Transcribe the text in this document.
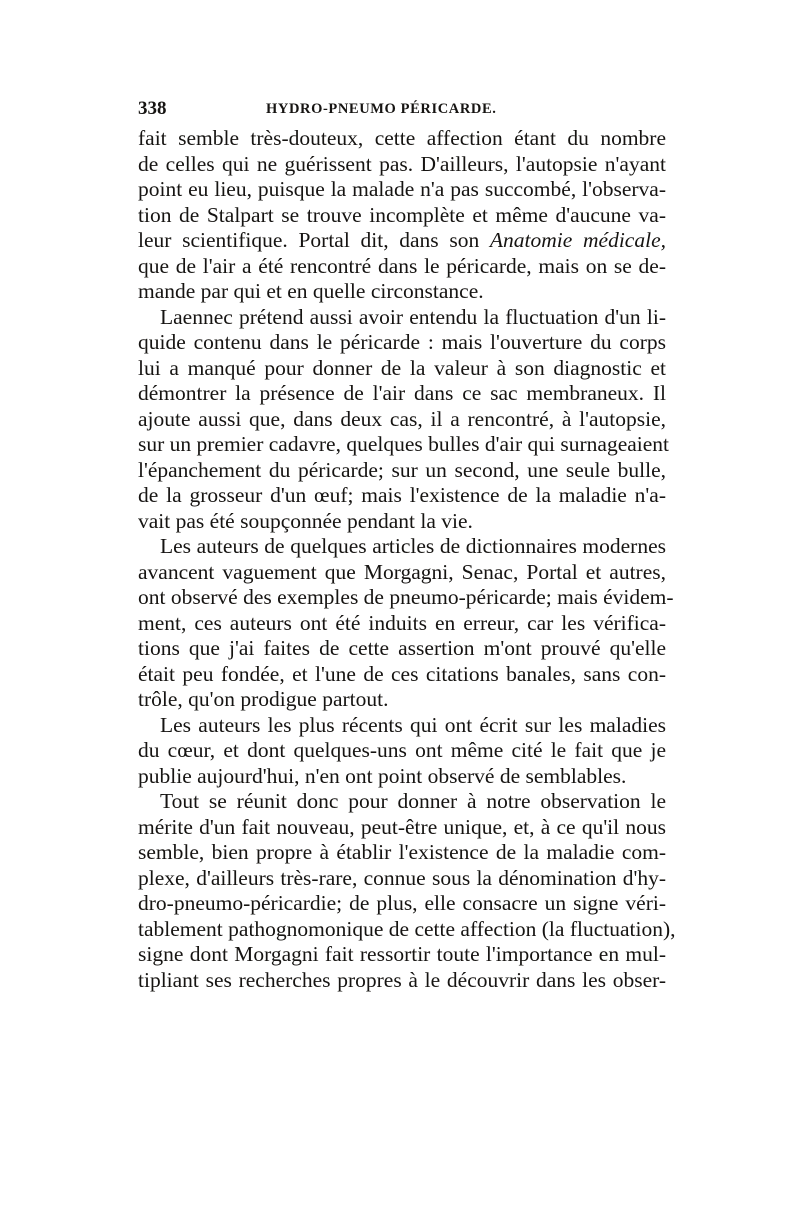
338	HYDRO-PNEUMO PÉRICARDE.
fait semble très-douteux, cette affection étant du nombre
de celles qui ne guérissent pas. D'ailleurs, l'autopsie n'ayant
point eu lieu, puisque la malade n'a pas succombé, l'observa-
tion de Stalpart se trouve incomplète et même d'aucune va-
leur scientifique. Portal dit, dans son Anatomie médicale,
que de l'air a été rencontré dans le péricarde, mais on se de-
mande par qui et en quelle circonstance.
Laennec prétend aussi avoir entendu la fluctuation d'un li-
quide contenu dans le péricarde : mais l'ouverture du corps
lui a manqué pour donner de la valeur à son diagnostic et
démontrer la présence de l'air dans ce sac membraneux. Il
ajoute aussi que, dans deux cas, il a rencontré, à l'autopsie,
sur un premier cadavre, quelques bulles d'air qui surnageaient
l'épanchement du péricarde; sur un second, une seule bulle,
de la grosseur d'un œuf; mais l'existence de la maladie n'a-
vait pas été soupçonnée pendant la vie.
Les auteurs de quelques articles de dictionnaires modernes
avancent vaguement que Morgagni, Senac, Portal et autres,
ont observé des exemples de pneumo-péricarde; mais évidem-
ment, ces auteurs ont été induits en erreur, car les vérifica-
tions que j'ai faites de cette assertion m'ont prouvé qu'elle
était peu fondée, et l'une de ces citations banales, sans con-
trôle, qu'on prodigue partout.
Les auteurs les plus récents qui ont écrit sur les maladies
du cœur, et dont quelques-uns ont même cité le fait que je
publie aujourd'hui, n'en ont point observé de semblables.
Tout se réunit donc pour donner à notre observation le
mérite d'un fait nouveau, peut-être unique, et, à ce qu'il nous
semble, bien propre à établir l'existence de la maladie com-
plexe, d'ailleurs très-rare, connue sous la dénomination d'hy-
dro-pneumo-péricardie; de plus, elle consacre un signe véri-
tablement pathognomonique de cette affection (la fluctuation),
signe dont Morgagni fait ressortir toute l'importance en mul-
tipliant ses recherches propres à le découvrir dans les obser-
